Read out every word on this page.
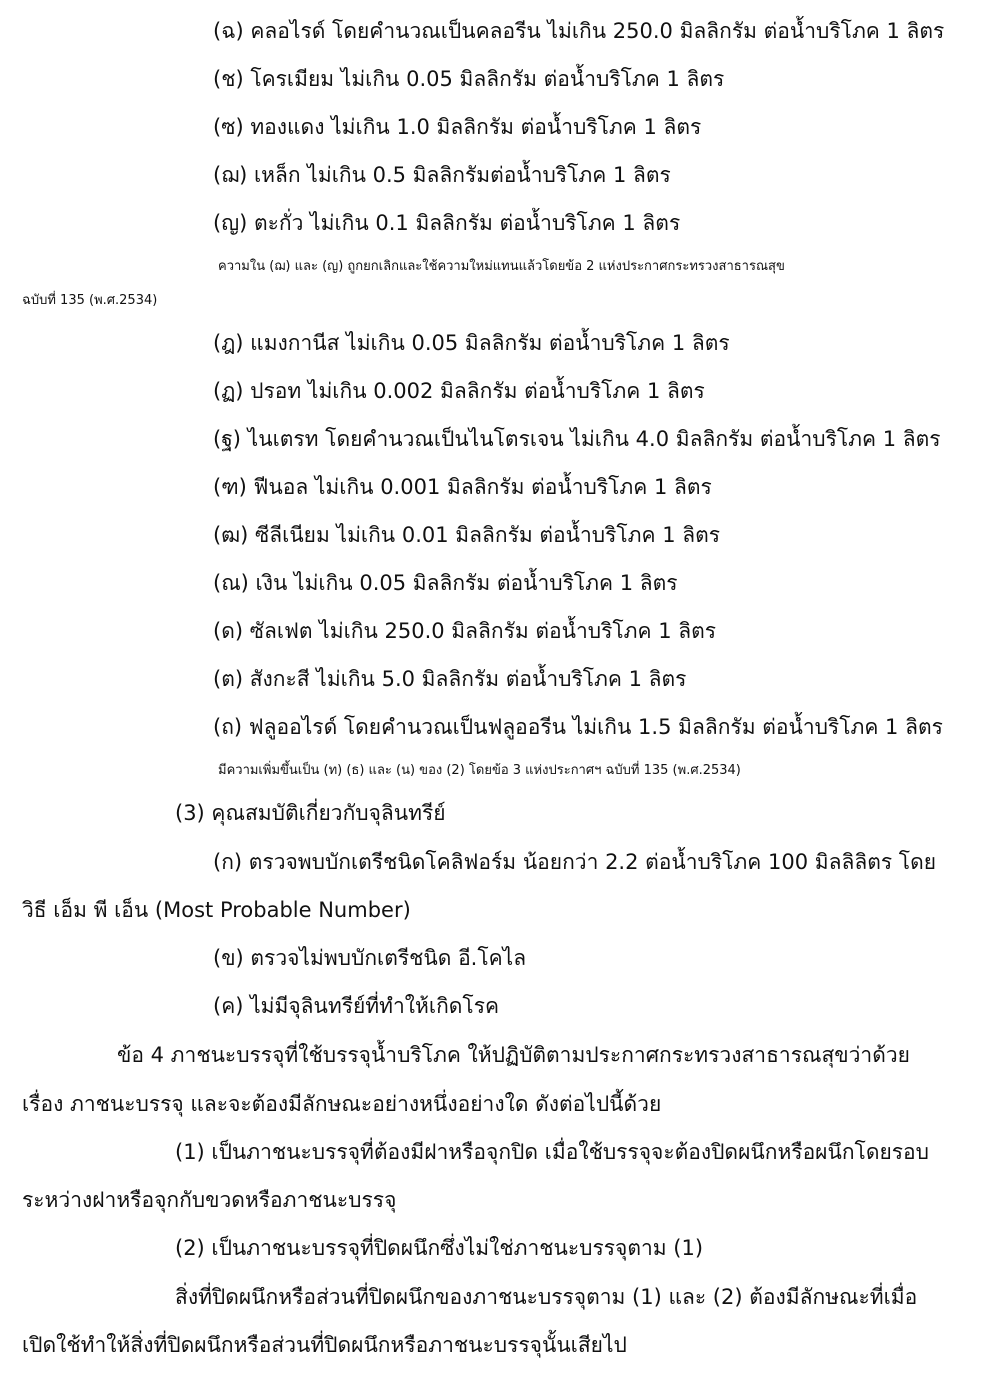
(ฉ) คลอไรด์ โดยคำนวณเป็นคลอรีน ไม่เกิน 250.0 มิลลิกรัม ต่อน้ำบริโภค 1 ลิตร
(ช) โครเมียม ไม่เกิน 0.05 มิลลิกรัม ต่อน้ำบริโภค 1 ลิตร
(ซ) ทองแดง ไม่เกิน 1.0 มิลลิกรัม ต่อน้ำบริโภค 1 ลิตร
(ฌ) เหล็ก ไม่เกิน 0.5 มิลลิกรัมต่อน้ำบริโภค 1 ลิตร
(ญ) ตะกั่ว ไม่เกิน 0.1 มิลลิกรัม ต่อน้ำบริโภค 1 ลิตร
ความใน (ฌ) และ (ญ) ถูกยกเลิกและใช้ความใหม่แทนแล้วโดยข้อ 2 แห่งประกาศกระทรวงสาธารณสุข
ฉบับที่ 135 (พ.ศ.2534)
(ฎ) แมงกานีส ไม่เกิน 0.05 มิลลิกรัม ต่อน้ำบริโภค 1 ลิตร
(ฏ) ปรอท ไม่เกิน 0.002 มิลลิกรัม ต่อน้ำบริโภค 1 ลิตร
(ฐ) ไนเตรท โดยคำนวณเป็นไนโตรเจน ไม่เกิน 4.0 มิลลิกรัม ต่อน้ำบริโภค 1 ลิตร
(ฑ) ฟีนอล ไม่เกิน 0.001 มิลลิกรัม ต่อน้ำบริโภค 1 ลิตร
(ฒ) ซีลีเนียม ไม่เกิน 0.01 มิลลิกรัม ต่อน้ำบริโภค 1 ลิตร
(ณ) เงิน ไม่เกิน 0.05 มิลลิกรัม ต่อน้ำบริโภค 1 ลิตร
(ด) ซัลเฟต ไม่เกิน 250.0 มิลลิกรัม ต่อน้ำบริโภค 1 ลิตร
(ต) สังกะสี ไม่เกิน 5.0 มิลลิกรัม ต่อน้ำบริโภค 1 ลิตร
(ถ) ฟลูออไรด์ โดยคำนวณเป็นฟลูออรีน ไม่เกิน 1.5 มิลลิกรัม ต่อน้ำบริโภค 1 ลิตร
มีความเพิ่มขึ้นเป็น (ท) (ธ) และ (น) ของ (2) โดยข้อ 3 แห่งประกาศฯ ฉบับที่ 135 (พ.ศ.2534)
(3) คุณสมบัติเกี่ยวกับจุลินทรีย์
(ก) ตรวจพบบักเตรีชนิดโคลิฟอร์ม น้อยกว่า 2.2 ต่อน้ำบริโภค 100 มิลลิลิตร โดย
วิธี เอ็ม พี เอ็น (Most Probable Number)
(ข) ตรวจไม่พบบักเตรีชนิด อี.โคไล
(ค) ไม่มีจุลินทรีย์ที่ทำให้เกิดโรค
ข้อ 4 ภาชนะบรรจุที่ใช้บรรจุน้ำบริโภค ให้ปฏิบัติตามประกาศกระทรวงสาธารณสุขว่าด้วย
เรื่อง ภาชนะบรรจุ และจะต้องมีลักษณะอย่างหนึ่งอย่างใด ดังต่อไปนี้ด้วย
(1) เป็นภาชนะบรรจุที่ต้องมีฝาหรือจุกปิด เมื่อใช้บรรจุจะต้องปิดผนึกหรือผนึกโดยรอบ
ระหว่างฝาหรือจุกกับขวดหรือภาชนะบรรจุ
(2) เป็นภาชนะบรรจุที่ปิดผนึกซึ่งไม่ใช่ภาชนะบรรจุตาม (1)
สิ่งที่ปิดผนึกหรือส่วนที่ปิดผนึกของภาชนะบรรจุตาม (1) และ (2) ต้องมีลักษณะที่เมื่อ
เปิดใช้ทำให้สิ่งที่ปิดผนึกหรือส่วนที่ปิดผนึกหรือภาชนะบรรจุนั้นเสียไป
